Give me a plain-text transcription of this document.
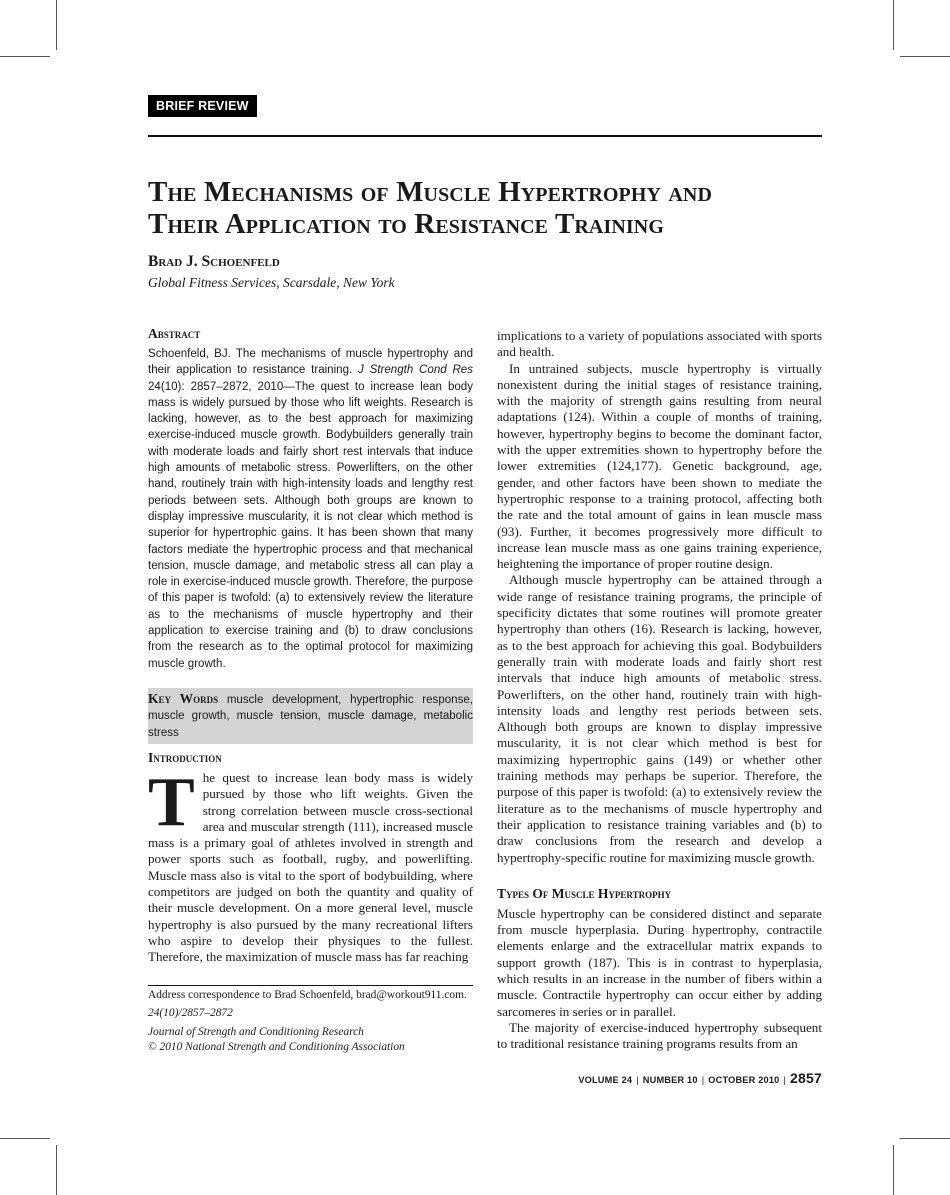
BRIEF REVIEW
The Mechanisms of Muscle Hypertrophy and
Their Application to Resistance Training
Brad J. Schoenfeld
Global Fitness Services, Scarsdale, New York
Abstract

Schoenfeld, BJ. The mechanisms of muscle hypertrophy and their application to resistance training. J Strength Cond Res 24(10): 2857–2872, 2010—The quest to increase lean body mass is widely pursued by those who lift weights. Research is lacking, however, as to the best approach for maximizing exercise-induced muscle growth. Bodybuilders generally train with moderate loads and fairly short rest intervals that induce high amounts of metabolic stress. Powerlifters, on the other hand, routinely train with high-intensity loads and lengthy rest periods between sets. Although both groups are known to display impressive muscularity, it is not clear which method is superior for hypertrophic gains. It has been shown that many factors mediate the hypertrophic process and that mechanical tension, muscle damage, and metabolic stress all can play a role in exercise-induced muscle growth. Therefore, the purpose of this paper is twofold: (a) to extensively review the literature as to the mechanisms of muscle hypertrophy and their application to exercise training and (b) to draw conclusions from the research as to the optimal protocol for maximizing muscle growth.

Key Words muscle development, hypertrophic response, muscle growth, muscle tension, muscle damage, metabolic stress

Introduction

The quest to increase lean body mass is widely pursued by those who lift weights. Given the strong correlation between muscle cross-sectional area and muscular strength (111), increased muscle mass is a primary goal of athletes involved in strength and power sports such as football, rugby, and powerlifting. Muscle mass also is vital to the sport of bodybuilding, where competitors are judged on both the quantity and quality of their muscle development. On a more general level, muscle hypertrophy is also pursued by the many recreational lifters who aspire to develop their physiques to the fullest. Therefore, the maximization of muscle mass has far reaching

Address correspondence to Brad Schoenfeld, brad@workout911.com.
24(10)/2857–2872
Journal of Strength and Conditioning Research
© 2010 National Strength and Conditioning Association

implications to a variety of populations associated with sports and health.

In untrained subjects, muscle hypertrophy is virtually nonexistent during the initial stages of resistance training, with the majority of strength gains resulting from neural adaptations (124). Within a couple of months of training, however, hypertrophy begins to become the dominant factor, with the upper extremities shown to hypertrophy before the lower extremities (124,177). Genetic background, age, gender, and other factors have been shown to mediate the hypertrophic response to a training protocol, affecting both the rate and the total amount of gains in lean muscle mass (93). Further, it becomes progressively more difficult to increase lean muscle mass as one gains training experience, heightening the importance of proper routine design.

Although muscle hypertrophy can be attained through a wide range of resistance training programs, the principle of specificity dictates that some routines will promote greater hypertrophy than others (16). Research is lacking, however, as to the best approach for achieving this goal. Bodybuilders generally train with moderate loads and fairly short rest intervals that induce high amounts of metabolic stress. Powerlifters, on the other hand, routinely train with high-intensity loads and lengthy rest periods between sets. Although both groups are known to display impressive muscularity, it is not clear which method is best for maximizing hypertrophic gains (149) or whether other training methods may perhaps be superior. Therefore, the purpose of this paper is twofold: (a) to extensively review the literature as to the mechanisms of muscle hypertrophy and their application to resistance training variables and (b) to draw conclusions from the research and develop a hypertrophy-specific routine for maximizing muscle growth.

Types Of Muscle Hypertrophy

Muscle hypertrophy can be considered distinct and separate from muscle hyperplasia. During hypertrophy, contractile elements enlarge and the extracellular matrix expands to support growth (187). This is in contrast to hyperplasia, which results in an increase in the number of fibers within a muscle. Contractile hypertrophy can occur either by adding sarcomeres in series or in parallel.

The majority of exercise-induced hypertrophy subsequent to traditional resistance training programs results from an

VOLUME 24 | NUMBER 10 | OCTOBER 2010 | 2857
